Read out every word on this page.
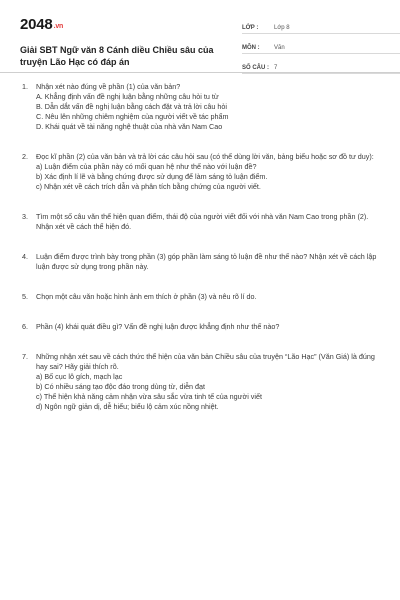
2048.vn
Giải SBT Ngữ văn 8 Cánh diều Chiều sâu của truyện Lão Hạc có đáp án
LỚP :	Lớp 8
MÔN :	Văn
SỐ CÂU : 7
1.	Nhận xét nào đúng về phần (1) của văn bản?
A. Khẳng định vấn đề nghị luận bằng những câu hỏi tu từ
B. Dẫn dắt vấn đề nghị luận bằng cách đặt và trả lời câu hỏi
C. Nêu lên những chiêm nghiệm của người viết về tác phẩm
D. Khái quát về tài năng nghệ thuật của nhà văn Nam Cao
2.	Đọc kĩ phần (2) của văn bản và trả lời các câu hỏi sau (có thể dùng lời văn, bảng biểu hoặc sơ đồ tư duy):
a) Luận điểm của phần này có mối quan hệ như thế nào với luận đề?
b) Xác định lí lẽ và bằng chứng được sử dụng để làm sáng tỏ luận điểm.
c) Nhận xét về cách trích dẫn và phân tích bằng chứng của người viết.
3.	Tìm một số câu văn thể hiện quan điểm, thái độ của người viết đối với nhà văn Nam Cao trong phần (2). Nhận xét về cách thể hiện đó.
4.	Luận điểm được trình bày trong phần (3) góp phần làm sáng tỏ luận đề như thế nào? Nhận xét về cách lập luận được sử dụng trong phần này.
5.	Chọn một câu văn hoặc hình ảnh em thích ở phần (3) và nêu rõ lí do.
6.	Phần (4) khái quát điều gì? Vấn đề nghị luận được khẳng định như thế nào?
7.	Những nhận xét sau về cách thức thể hiện của văn bản Chiều sâu của truyện “Lão Hạc” (Văn Giá) là đúng hay sai? Hãy giải thích rõ.
a) Bố cục lô gích, mạch lạc
b) Có nhiều sáng tạo độc đáo trong dùng từ, diễn đạt
c) Thể hiện khả năng cảm nhận vừa sâu sắc vừa tinh tế của người viết
d) Ngôn ngữ giản dị, dễ hiểu; biểu lộ cảm xúc nồng nhiệt.
